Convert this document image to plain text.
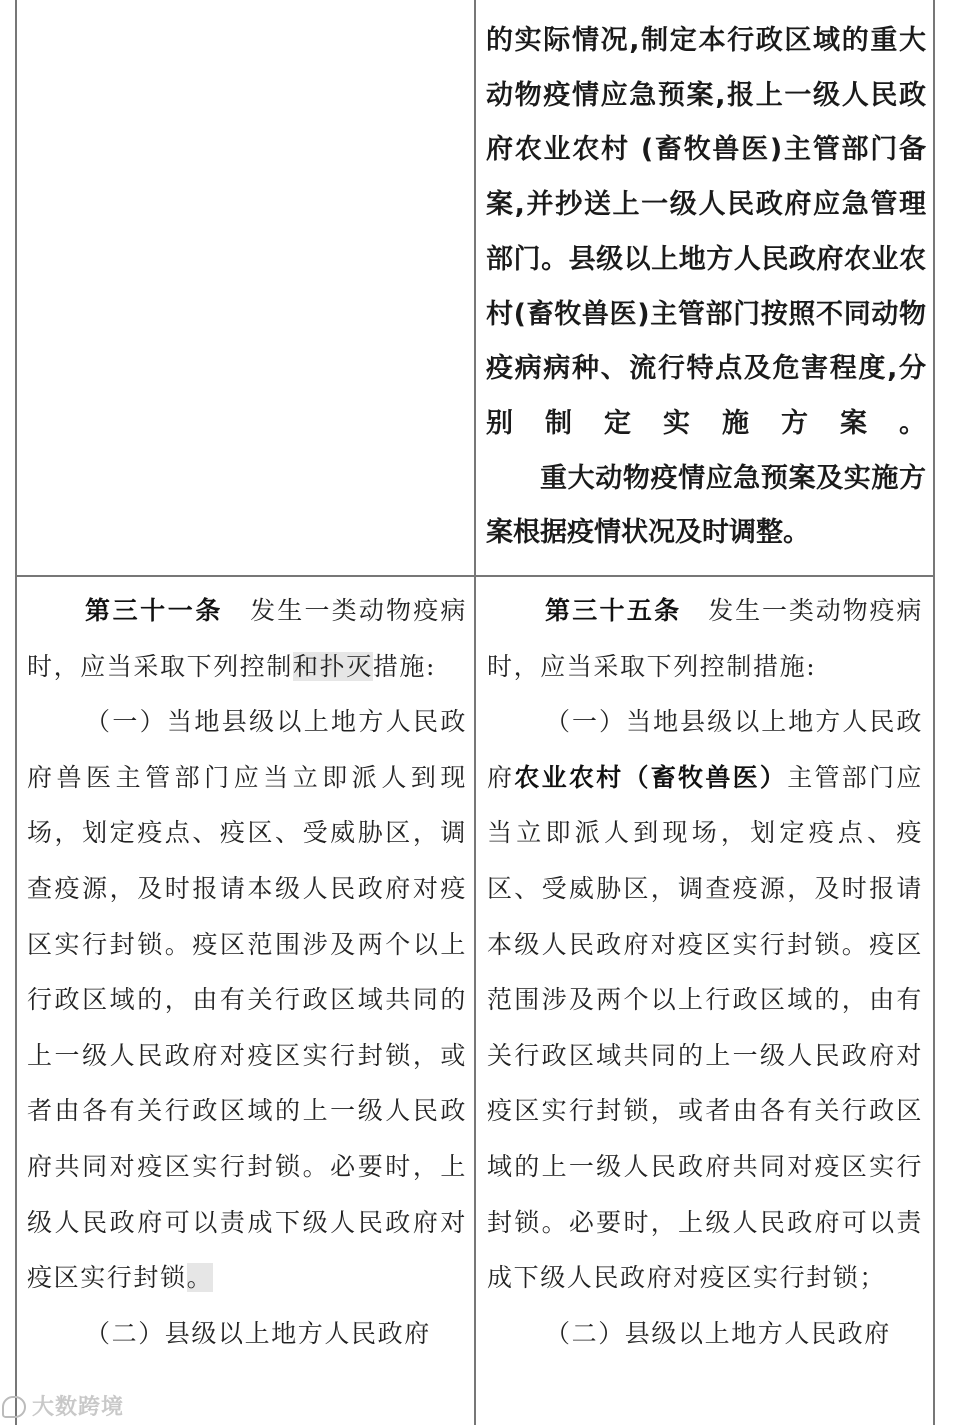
的实际情况,制定本行政区域的重大动物疫情应急预案,报上一级人民政府农业农村 (畜牧兽医)主管部门备案,并抄送上一级人民政府应急管理部门。县级以上地方人民政府农业农村(畜牧兽医)主管部门按照不同动物疫病病种、流行特点及危害程度,分别制定实施方案。

重大动物疫情应急预案及实施方案根据疫情状况及时调整。

第三十一条　 发生一类动物疫病时，应当采取下列控制和扑灭措施:

（一）当地县级以上地方人民政府兽医主管部门应当立即派人到现场，划定疫点、疫区、受威胁区，调查疫源，及时报请本级人民政府对疫区实行封锁。疫区范围涉及两个以上行政区域的，由有关行政区域共同的上一级人民政府对疫区实行封锁，或者由各有关行政区域的上一级人民政府共同对疫区实行封锁。必要时，上级人民政府可以责成下级人民政府对疫区实行封锁。

（二）县级以上地方人民政府

第三十五条　 发生一类动物疫病时，应当采取下列控制措施:

（一）当地县级以上地方人民政府农业农村（畜牧兽医）主管部门应当立即派人到现场，划定疫点、疫区、受威胁区，调查疫源，及时报请本级人民政府对疫区实行封锁。疫区范围涉及两个以上行政区域的，由有关行政区域共同的上一级人民政府对疫区实行封锁，或者由各有关行政区域的上一级人民政府共同对疫区实行封锁。必要时，上级人民政府可以责成下级人民政府对疫区实行封锁；

（二）县级以上地方人民政府

大数跨境
